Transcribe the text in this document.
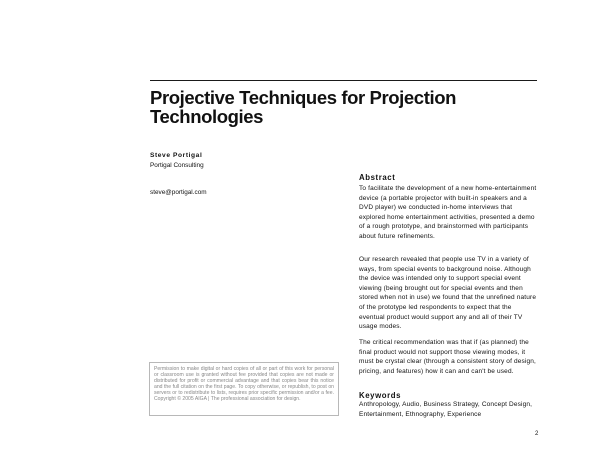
Projective Techniques for Projection Technologies
Steve Portigal
Portigal Consulting
steve@portigal.com
Permission to make digital or hard copies of all or part of this work for personal or classroom use is granted without fee provided that copies are not made or distributed for profit or commercial advantage and that copies bear this notice and the full citation on the first page. To copy otherwise, or republish, to post on servers or to redistribute to lists, requires prior specific permission and/or a fee. Copyright © 2005 AIGA | The professional association for design.
Abstract
To facilitate the development of a new home-entertainment device (a portable projector with built-in speakers and a DVD player) we conducted in-home interviews that explored home entertainment activities, presented a demo of a rough prototype, and brainstormed with participants about future refinements.
Our research revealed that people use TV in a variety of ways, from special events to background noise. Although the device was intended only to support special event viewing (being brought out for special events and then stored when not in use) we found that the unrefined nature of the prototype led respondents to expect that the eventual product would support any and all of their TV usage modes.
The critical recommendation was that if (as planned) the final product would not support those viewing modes, it must be crystal clear (through a consistent story of design, pricing, and features) how it can and can't be used.
Keywords
Anthropology, Audio, Business Strategy, Concept Design, Entertainment, Ethnography, Experience
2
